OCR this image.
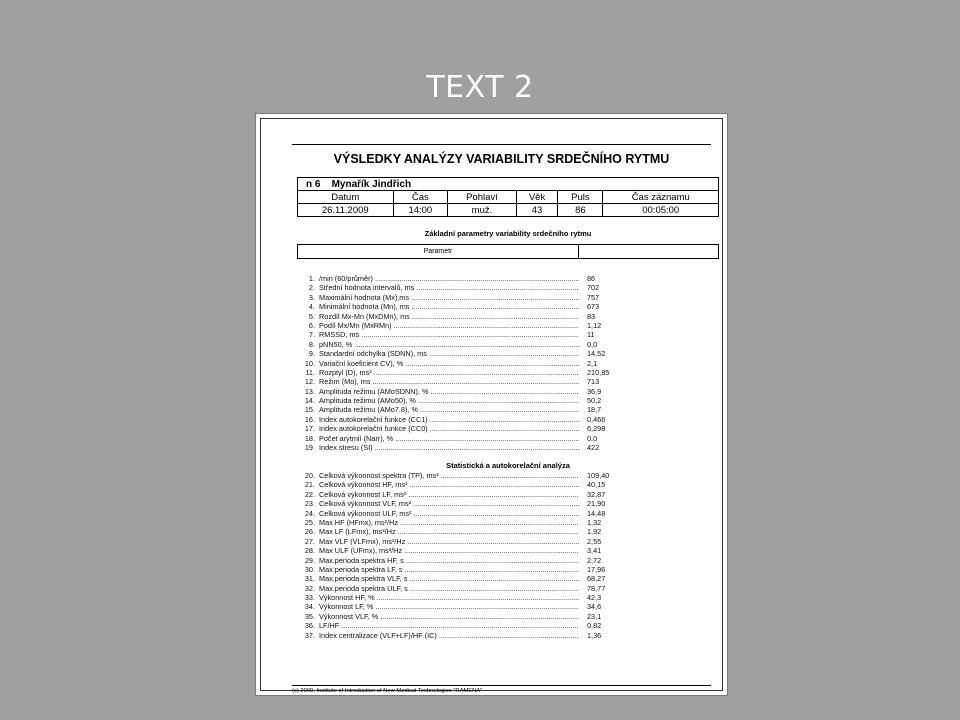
TEXT 2
VÝSLEDKY ANALÝZY VARIABILITY SRDEČNÍHO RYTMU
n 6 Mynařík Jindřich					
Datum	Čas	Pohlaví	Věk	Puls	Čas záznamu
26.11.2009	14:00	muž.	43	86	00:05:00
Základní parametry variability srdečního rytmu
Parametr
1. /min (60/průměr) .....	86
2. Střední hodnota intervalů, ms .....	702
3. Maximální hodnota (Mx),ms .....	757
4. Minimální hodnota (Mn), ms .....	673
5. Rozdíl Mx-Mn (MxDMn), ms .....	83
6. Podíl Mx/Mn (MxRMn) .....	1,12
7. RMSSD, ms .....	11
8. pNN50, % .....	0,0
9. Standardní odchylka (SDNN), ms .....	14,52
10. Variační koeficient CV), % .....	2,1
11. Rozptyl (D), ms² .....	210,85
12. Režim (Mo), ms .....	713
13. Amplituda režimu (AMoSDNN), % .....	36,9
14. Amplituda režimu (AMo50), % .....	50,2
15. Amplituda režimu (AMo7.8), % .....	18,7
16. Index autokorelační funkce (CC1) .....	0,466
17. Index autokorelační funkce (CC0) .....	6,298
18. Počet arytmií (Narr), % .....	0,0
19. Index stresu (SI) .....	422
Statistická a autokorelační analýza
20. Celková výkonnost spektra (TP), ms² .....	109,40
21. Celková výkonnost HF, ms² .....	40,15
22. Celková výkonnost LF, ms² .....	32,87
23. Celková výkonnost VLF, ms² .....	21,90
24. Celková výkonnost ULF, ms² .....	14,48
25. Max HF (HFmx), ms²/Hz .....	1,32
26. Max LF (LFmx), ms²/Hz .....	1,92
27. Max VLF (VLFmx), ms²/Hz .....	2,55
28. Max ULF (UFmx), ms²/Hz .....	3,41
29. Max.perioda spektra HF, s .....	2,72
30. Max.perioda spektra LF, s .....	17,96
31. Max.perioda spektra VLF, s .....	68,27
32. Max.perioda spektra ULF, s .....	78,77
33. Výkonnost HF, % .....	42,3
34. Výkonnost LF, % .....	34,6
35. Výkonnost VLF, % .....	23,1
36. LF/HF .....	0,82
37. Index centralizace (VLF+LF)/HF (IC) .....	1,36
(c) 2009, Institute of Introduction of New Medical Technologies "RAMENA"
